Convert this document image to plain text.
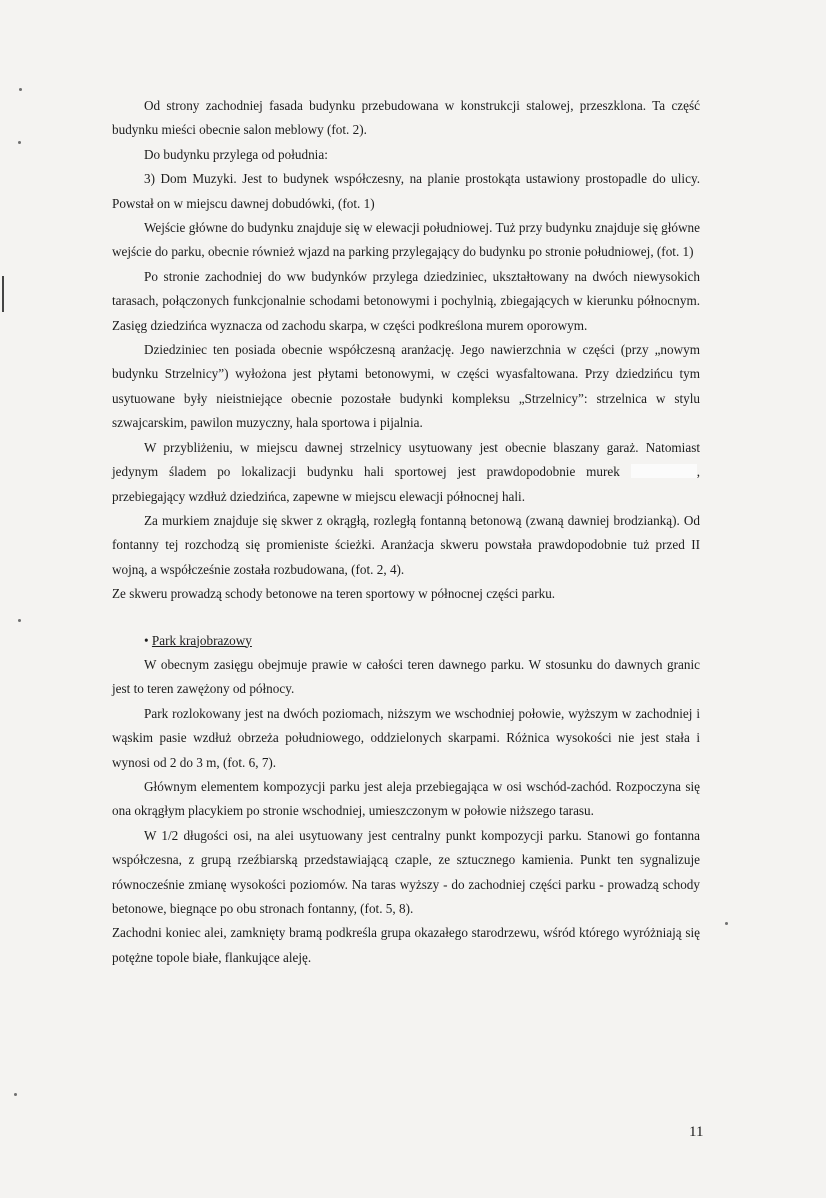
Od strony zachodniej fasada budynku przebudowana w konstrukcji stalowej, przeszklona. Ta część budynku mieści obecnie salon meblowy (fot. 2).

Do budynku przylega od południa:

3) Dom Muzyki. Jest to budynek współczesny, na planie prostokąta ustawiony prostopadle do ulicy. Powstał on w miejscu dawnej dobudówki, (fot. 1)

Wejście główne do budynku znajduje się w elewacji południowej. Tuż przy budynku znajduje się główne wejście do parku, obecnie również wjazd na parking przylegający do budynku po stronie południowej, (fot. 1)

Po stronie zachodniej do ww budynków przylega dziedziniec, ukształtowany na dwóch niewysokich tarasach, połączonych funkcjonalnie schodami betonowymi i pochylnią, zbiegających w kierunku północnym. Zasięg dziedzińca wyznacza od zachodu skarpa, w części podkreślona murem oporowym.

Dziedziniec ten posiada obecnie współczesną aranżację. Jego nawierzchnia w części (przy „nowym budynku Strzelnicy”) wyłożona jest płytami betonowymi, w części wyasfaltowana. Przy dziedzińcu tym usytuowane były nieistniejące obecnie pozostałe budynki kompleksu „Strzelnicy”: strzelnica w stylu szwajcarskim, pawilon muzyczny, hala sportowa i pijalnia.

W przybliżeniu, w miejscu dawnej strzelnicy usytuowany jest obecnie blaszany garaż. Natomiast jedynym śladem po lokalizacji budynku hali sportowej jest prawdopodobnie murek	, przebiegający wzdłuż dziedzińca, zapewne w miejscu elewacji północnej hali.

Za murkiem znajduje się skwer z okrągłą, rozległą fontanną betonową (zwaną dawniej brodzianką). Od fontanny tej rozchodzą się promieniste ścieżki. Aranżacja skweru powstała prawdopodobnie tuż przed II wojną, a współcześnie została rozbudowana, (fot. 2, 4).

Ze skweru prowadzą schody betonowe na teren sportowy w północnej części parku.

• Park krajobrazowy

W obecnym zasięgu obejmuje prawie w całości teren dawnego parku. W stosunku do dawnych granic jest to teren zawężony od północy.

Park rozlokowany jest na dwóch poziomach, niższym we wschodniej połowie, wyższym w zachodniej i wąskim pasie wzdłuż obrzeża południowego, oddzielonych skarpami. Różnica wysokości nie jest stała i wynosi od 2 do 3 m, (fot. 6, 7).

Głównym elementem kompozycji parku jest aleja przebiegająca w osi wschód-zachód. Rozpoczyna się ona okrągłym placykiem po stronie wschodniej, umieszczonym w połowie niższego tarasu.

W 1/2 długości osi, na alei usytuowany jest centralny punkt kompozycji parku. Stanowi go fontanna współczesna, z grupą rzeźbiarską przedstawiającą czaple, ze sztucznego kamienia. Punkt ten sygnalizuje równocześnie zmianę wysokości poziomów. Na taras wyższy - do zachodniej części parku - prowadzą schody betonowe, biegnące po obu stronach fontanny, (fot. 5, 8).

Zachodni koniec alei, zamknięty bramą podkreśla grupa okazałego starodrzewu, wśród którego wyróżniają się potężne topole białe, flankujące aleję.

11
